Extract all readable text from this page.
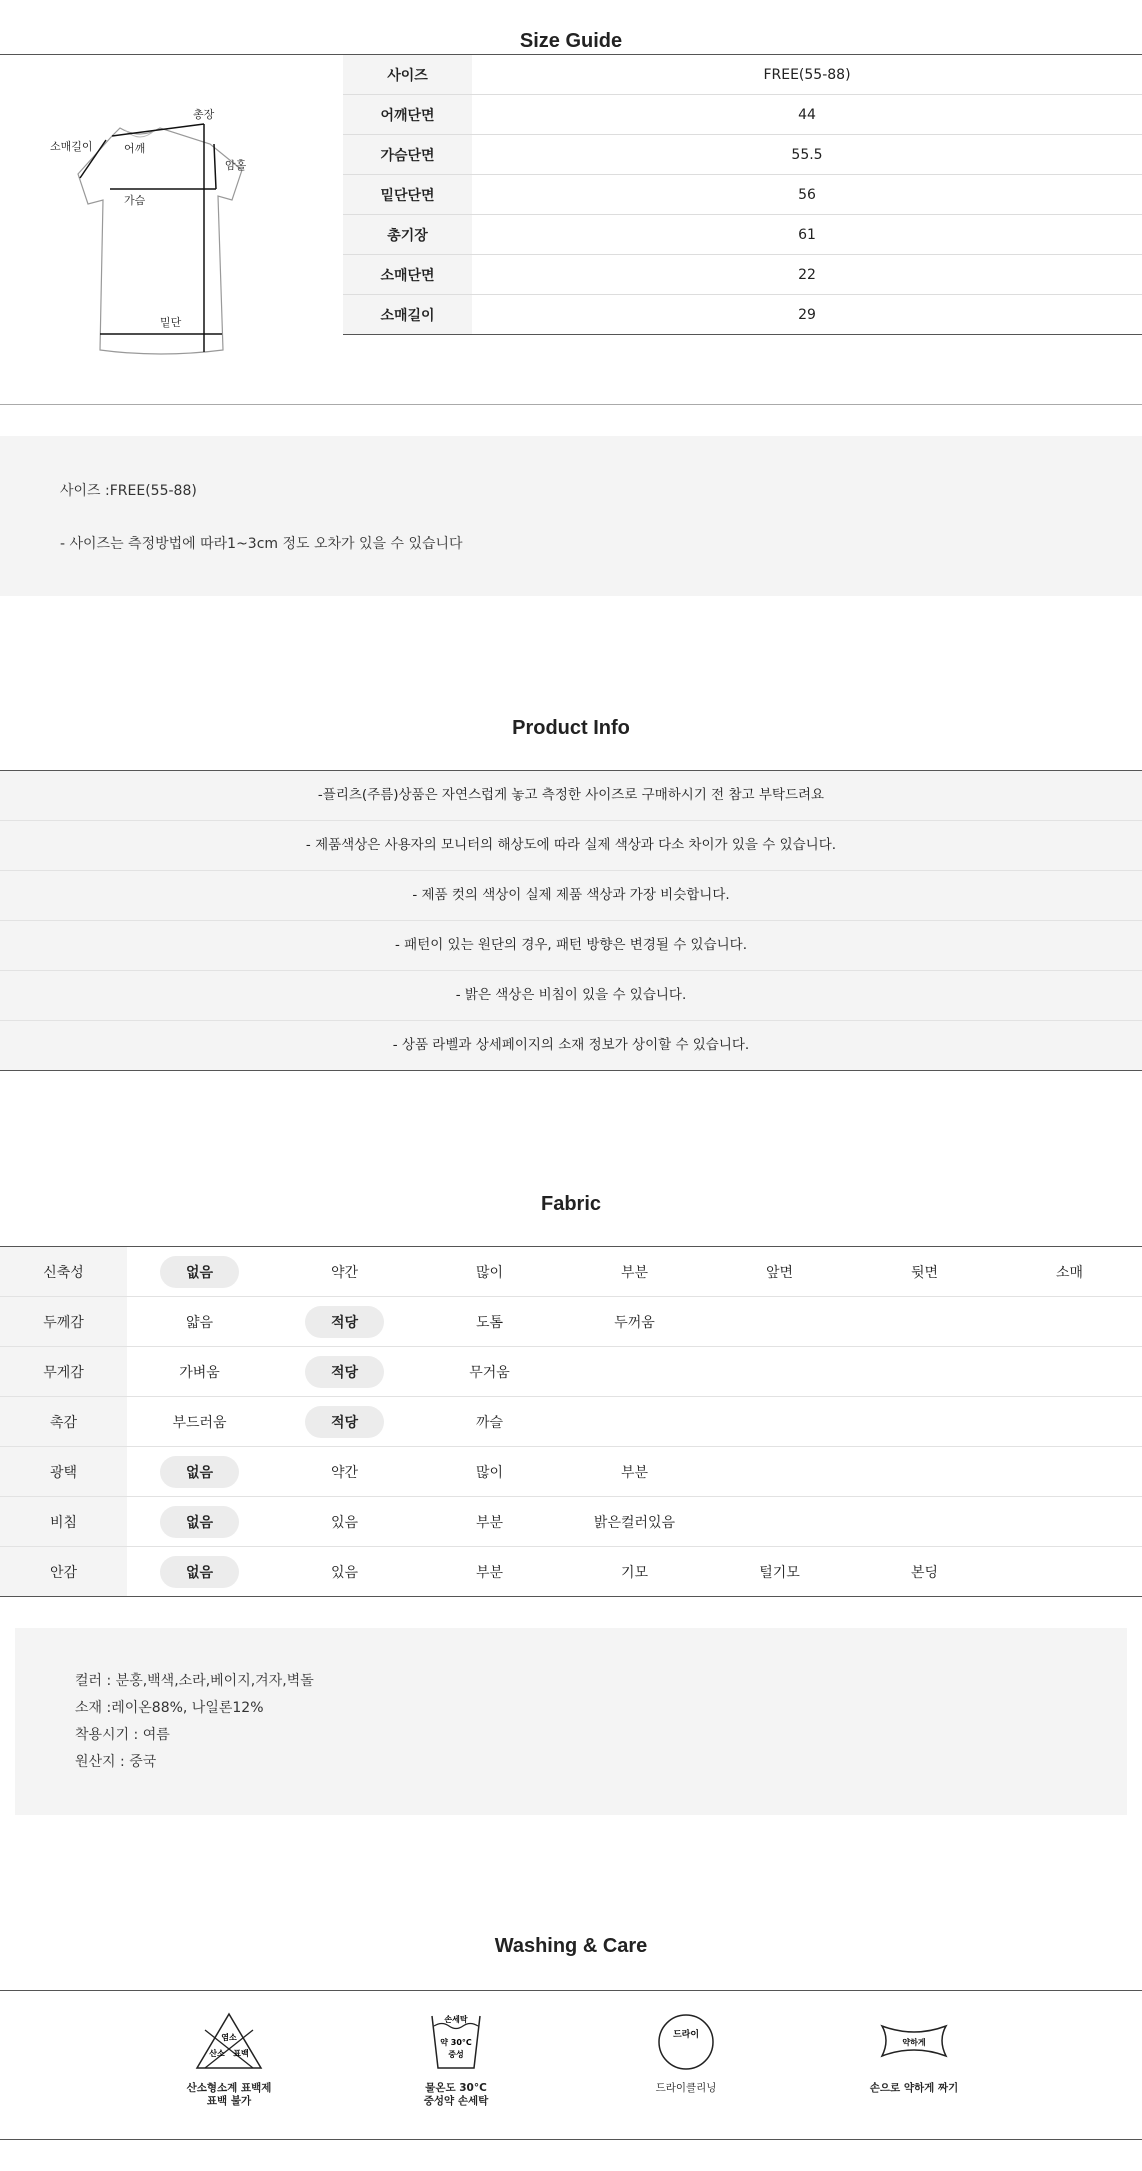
Size Guide
총장
소매길이	어깨
암홀
가슴
밑단
사이즈	FREE(55-88)
어깨단면	44
가슴단면	55.5
밑단단면	56
총기장	61
소매단면	22
소매길이	29
사이즈 :FREE(55-88)
- 사이즈는 측정방법에 따라1~3cm 정도 오차가 있을 수 있습니다
Product Info
-플리츠(주름)상품은 자연스럽게 놓고 측정한 사이즈로 구매하시기 전 참고 부탁드려요
- 제품색상은 사용자의 모니터의 해상도에 따라 실제 색상과 다소 차이가 있을 수 있습니다.
- 제품 컷의 색상이 실제 제품 색상과 가장 비슷합니다.
- 패턴이 있는 원단의 경우, 패턴 방향은 변경될 수 있습니다.
- 밝은 색상은 비침이 있을 수 있습니다.
- 상품 라벨과 상세페이지의 소재 정보가 상이할 수 있습니다.
Fabric
신축성	없음	약간	많이	부분	앞면	뒷면	소매
두께감	얇음	적당	도톰	두꺼움			
무게감	가벼움	적당	무거움				
촉감	부드러움	적당	까슬				
광택	없음	약간	많이	부분			
비침	없음	있음	부분	밝은컬러있음			
안감	없음	있음	부분	기모	털기모	본딩	
컬러 : 분홍,백색,소라,베이지,겨자,벽돌
소재 :레이온88%, 나일론12%
착용시기 : 여름
원산지 : 중국
Washing & Care
염소
산소 표백
산소형소계 표백제
표백 불가
손세탁
약 30°C
중성
물온도 30°C
중성약 손세탁
드라이
드라이클리닝
약하게
손으로 약하게 짜기
